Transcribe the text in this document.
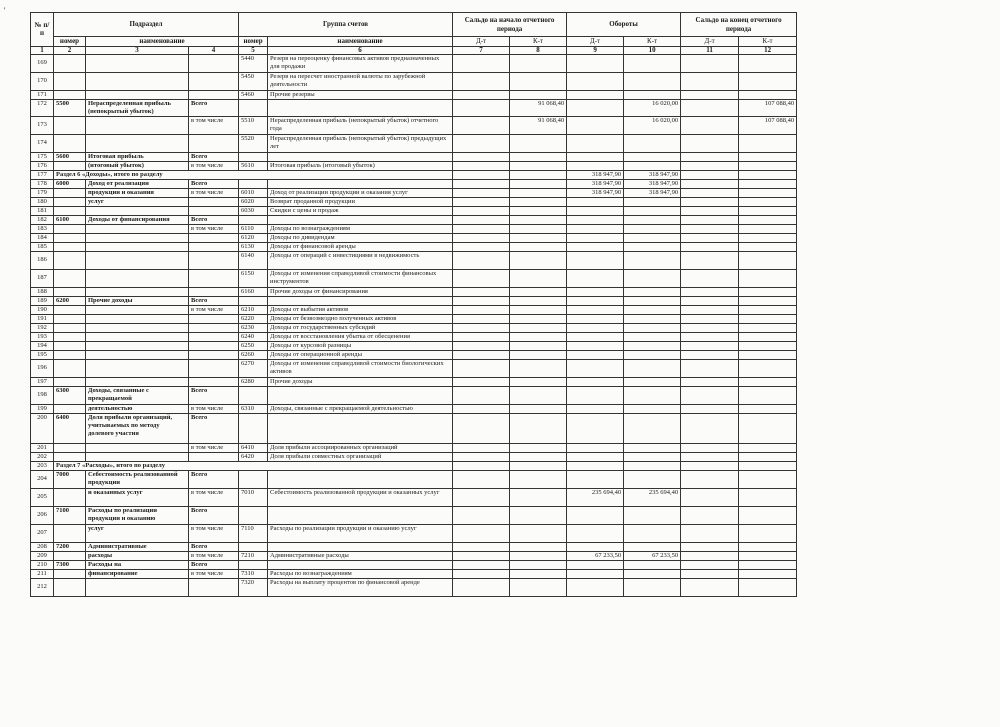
'
№ п/п	Подраздел			Группа счетов		Сальдо на начало отчетного периода		Обороты		Сальдо на конец отчетного периода	
	номер	наименование		номер	наименование	Д-т	К-т	Д-т	К-т	Д-т	К-т
1	2	3	4	5	6	7	8	9	10	11	12
169				5440	Резерв на переоценку финансовых активов предназначенных для продажи						
170				5450	Резерв на пересчет иностранной валюты по зарубежной деятельности						
171				5460	Прочие резервы						
172	5500	Нераспределенная прибыль (непокрытый убыток)	Всего				91 068,40		16 020,00		107 088,40
173			в том числе	5510	Нераспределенная прибыль (непокрытый убыток) отчетного года		91 068,40		16 020,00		107 088,40
174				5520	Нераспределенная прибыль (непокрытый убыток) предыдущих лет						
175	5600	Итоговая прибыль	Всего								
176		(итоговый убыток)	в том числе	5610	Итоговая прибыль (итоговый убыток)						
177	Раздел 6 «Доходы», итого по разделу							318 947,90	318 947,90		
178	6000	Доход от реализации	Всего					318 947,90	318 947,90		
179		продукции и оказания	в том числе	6010	Доход от реализации продукции и оказания услуг			318 947,90	318 947,90		
180		услуг		6020	Возврат проданной продукции						
181				6030	Скидки с цены и продаж						
182	6100	Доходы от финансирования	Всего								
183			в том числе	6110	Доходы по вознаграждениям						
184				6120	Доходы по дивидендам						
185				6130	Доходы от финансовой аренды						
186				6140	Доходы от операций с инвестициями в недвижимость						
187				6150	Доходы от изменения справедливой стоимости финансовых инструментов						
188				6160	Прочие доходы от финансирования						
189	6200	Прочие доходы	Всего								
190			в том числе	6210	Доходы от выбытия активов						
191				6220	Доходы от безвозмездно полученных активов						
192				6230	Доходы от государственных субсидий						
193				6240	Доходы от восстановления убытка от обесценения						
194				6250	Доходы от курсовой разницы						
195				6260	Доходы от операционной аренды						
196				6270	Доходы от изменения справедливой стоимости биологических активов						
197				6280	Прочие доходы						
198	6300	Доходы, связанные с прекращаемой	Всего								
199		деятельностью	в том числе	6310	Доходы, связанные с прекращаемой деятельностью						
200	6400	Доля прибыли организаций, учитываемых по методу долевого участия	Всего								
201			в том числе	6410	Доля прибыли ассоциированных организаций						
202				6420	Доля прибыли совместных организаций						
203	Раздел 7 «Расходы», итого по разделу										
204	7000	Себестоимость реализованной продукции	Всего								
205		и оказанных услуг	в том числе	7010	Себестоимость реализованной продукции и оказанных услуг			235 694,40	235 694,40		
206	7100	Расходы по реализации продукции и оказанию	Всего								
207		услуг	в том числе	7110	Расходы по реализации продукции и оказанию услуг						
208	7200	Административные	Всего								
209		расходы	в том числе	7210	Административные расходы			67 233,50	67 233,50		
210	7300	Расходы на	Всего								
211		финансирование	в том числе	7310	Расходы по вознаграждениям						
212				7320	Расходы на выплату процентов по финансовой аренде						
